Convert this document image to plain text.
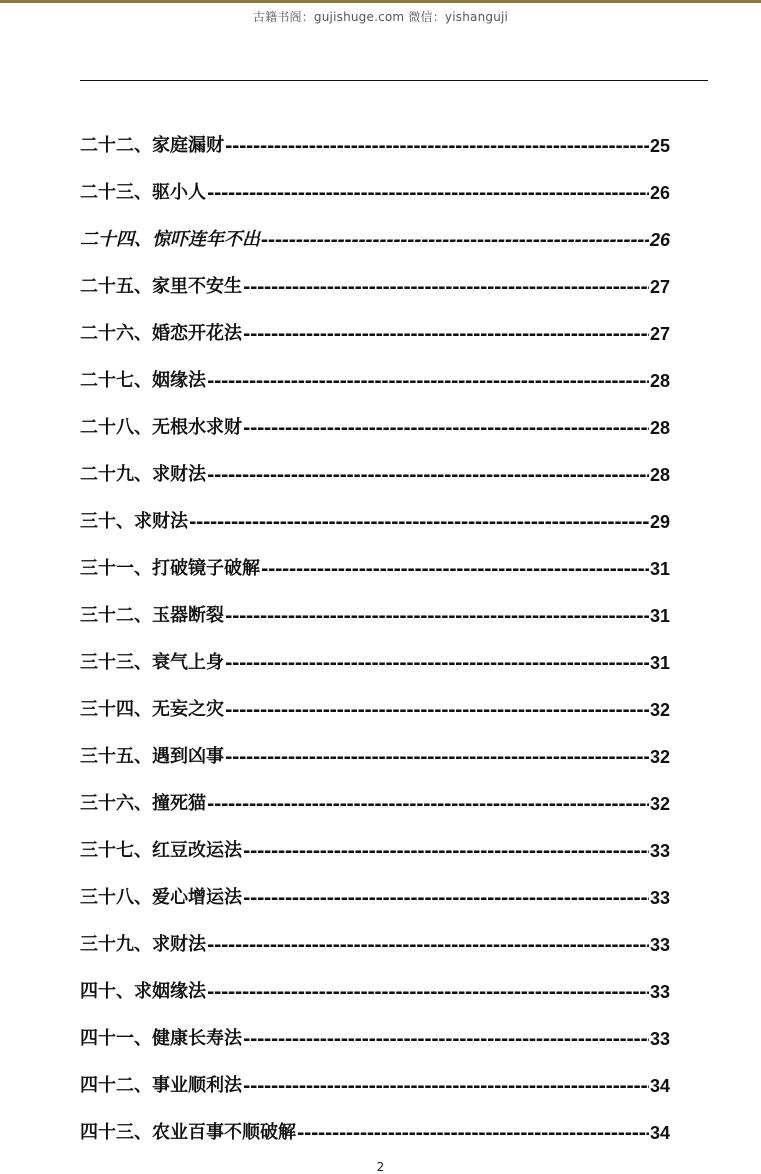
古籍书阁：gujishuge.com 微信：yishanguji
二十二、家庭漏财 -----	25
二十三、驱小人 -----	26
二十四、惊吓连年不出 -----	26
二十五、家里不安生 -----	27
二十六、婚恋开花法 -----	27
二十七、姻缘法 -----	28
二十八、无根水求财 -----	28
二十九、求财法 -----	28
三十、求财法 -----	29
三十一、打破镜子破解 -----	31
三十二、玉器断裂 -----	31
三十三、衰气上身 -----	31
三十四、无妄之灾 -----	32
三十五、遇到凶事 -----	32
三十六、撞死猫 -----	32
三十七、红豆改运法 -----	33
三十八、爱心增运法 -----	33
三十九、求财法 -----	33
四十、求姻缘法 -----	33
四十一、健康长寿法 -----	33
四十二、事业顺利法 -----	34
四十三、农业百事不顺破解 -----	34
2
